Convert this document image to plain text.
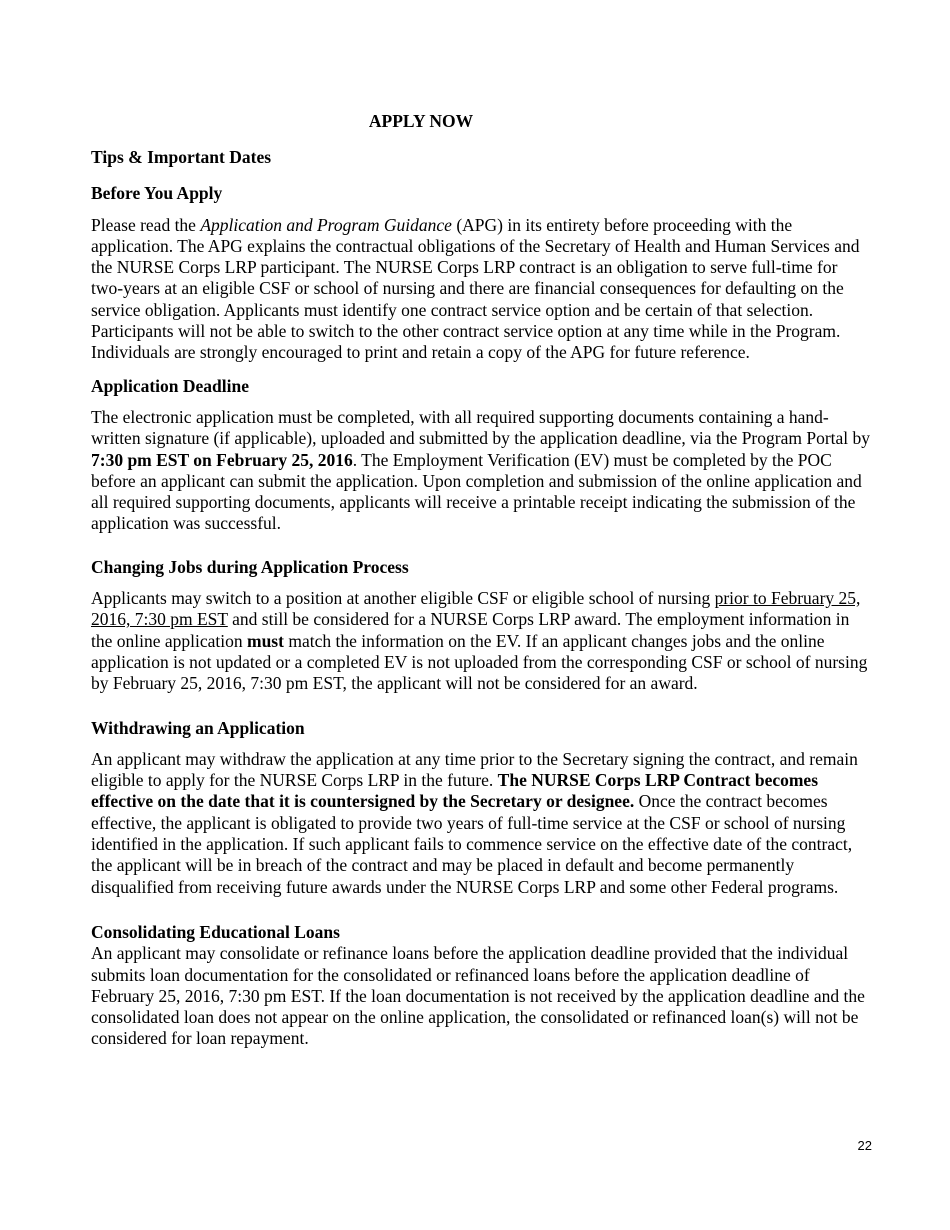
APPLY NOW
Tips & Important Dates
Before You Apply

Please read the Application and Program Guidance (APG) in its entirety before proceeding with the application. The APG explains the contractual obligations of the Secretary of Health and Human Services and the NURSE Corps LRP participant. The NURSE Corps LRP contract is an obligation to serve full-time for two-years at an eligible CSF or school of nursing and there are financial consequences for defaulting on the service obligation. Applicants must identify one contract service option and be certain of that selection. Participants will not be able to switch to the other contract service option at any time while in the Program. Individuals are strongly encouraged to print and retain a copy of the APG for future reference.

Application Deadline

The electronic application must be completed, with all required supporting documents containing a hand-written signature (if applicable), uploaded and submitted by the application deadline, via the Program Portal by 7:30 pm EST on February 25, 2016. The Employment Verification (EV) must be completed by the POC before an applicant can submit the application. Upon completion and submission of the online application and all required supporting documents, applicants will receive a printable receipt indicating the submission of the application was successful.

Changing Jobs during Application Process

Applicants may switch to a position at another eligible CSF or eligible school of nursing prior to February 25, 2016, 7:30 pm EST and still be considered for a NURSE Corps LRP award. The employment information in the online application must match the information on the EV. If an applicant changes jobs and the online application is not updated or a completed EV is not uploaded from the corresponding CSF or school of nursing by February 25, 2016, 7:30 pm EST, the applicant will not be considered for an award.

Withdrawing an Application

An applicant may withdraw the application at any time prior to the Secretary signing the contract, and remain eligible to apply for the NURSE Corps LRP in the future. The NURSE Corps LRP Contract becomes effective on the date that it is countersigned by the Secretary or designee. Once the contract becomes effective, the applicant is obligated to provide two years of full-time service at the CSF or school of nursing identified in the application. If such applicant fails to commence service on the effective date of the contract, the applicant will be in breach of the contract and may be placed in default and become permanently disqualified from receiving future awards under the NURSE Corps LRP and some other Federal programs.

Consolidating Educational Loans

An applicant may consolidate or refinance loans before the application deadline provided that the individual submits loan documentation for the consolidated or refinanced loans before the application deadline of February 25, 2016, 7:30 pm EST. If the loan documentation is not received by the application deadline and the consolidated loan does not appear on the online application, the consolidated or refinanced loan(s) will not be considered for loan repayment.

22
